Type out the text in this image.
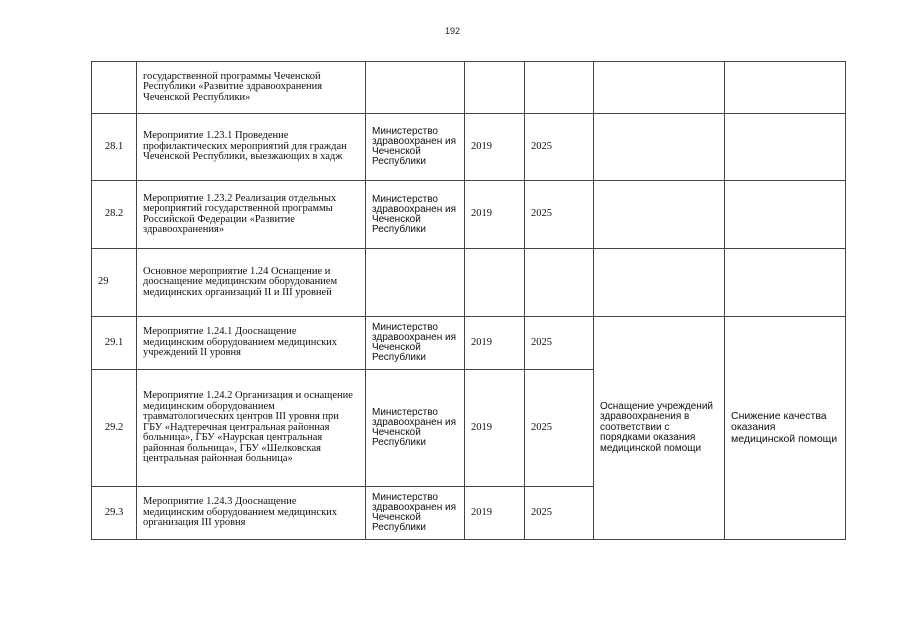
192
	государственной программы Чеченской Республики «Развитие здравоохранения Чеченской Республики»					
28.1	Мероприятие 1.23.1 Проведение профилактических мероприятий для граждан Чеченской Республики, выезжающих в хадж	Министерство здравоохранен ия Чеченской Республики	2019	2025		
28.2	Мероприятие 1.23.2 Реализация отдельных мероприятий государственной программы Российской Федерации «Развитие здравоохранения»	Министерство здравоохранен ия Чеченской Республики	2019	2025		
29	Основное мероприятие 1.24 Оснащение и дооснащение медицинским оборудованием медицинских организаций II и III уровней					
29.1	Мероприятие 1.24.1 Дооснащение медицинским оборудованием медицинских учреждений II уровня	Министерство здравоохранен ия Чеченской Республики	2019	2025	Оснащение учреждений здравоохранения в соответствии с порядками оказания медицинской помощи	Снижение качества оказания медицинской помощи
29.2	Мероприятие 1.24.2 Организация и оснащение медицинским оборудованием травматологических центров III уровня при ГБУ «Надтеречная центральная районная больница», ГБУ «Наурская центральная районная больница», ГБУ «Шелковская центральная районная больница»	Министерство здравоохранен ия Чеченской Республики	2019	2025		
29.3	Мероприятие 1.24.3 Дооснащение медицинским оборудованием медицинских организация III уровня	Министерство здравоохранен ия Чеченской Республики	2019	2025		
